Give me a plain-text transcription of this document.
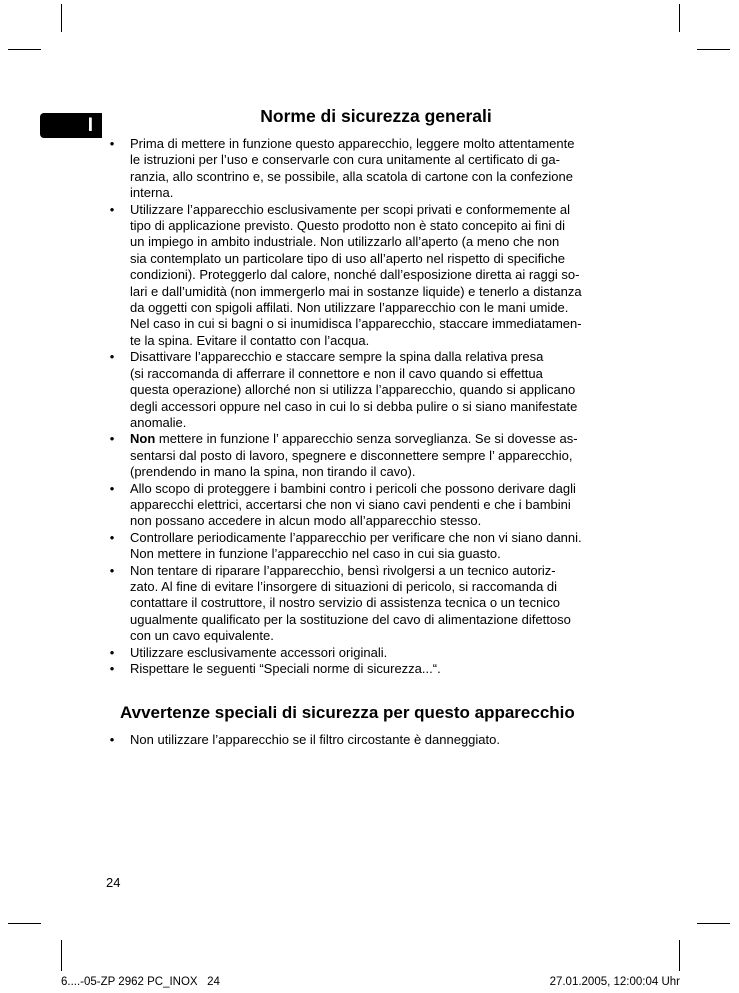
I	Norme di sicurezza generali
• Prima di mettere in funzione questo apparecchio, leggere molto attentamente
le istruzioni per l’uso e conservarle con cura unitamente al certificato di ga-
ranzia, allo scontrino e, se possibile, alla scatola di cartone con la confezione
interna.
• Utilizzare l’apparecchio esclusivamente per scopi privati e conformemente al
tipo di applicazione previsto. Questo prodotto non è stato concepito ai fini di
un impiego in ambito industriale. Non utilizzarlo all’aperto (a meno che non
sia contemplato un particolare tipo di uso all’aperto nel rispetto di specifiche
condizioni). Proteggerlo dal calore, nonché dall’esposizione diretta ai raggi so-
lari e dall’umidità (non immergerlo mai in sostanze liquide) e tenerlo a distanza
da oggetti con spigoli affilati. Non utilizzare l’apparecchio con le mani umide.
Nel caso in cui si bagni o si inumidisca l’apparecchio, staccare immediatamen-
te la spina. Evitare il contatto con l’acqua.
• Disattivare l’apparecchio e staccare sempre la spina dalla relativa presa
(si raccomanda di afferrare il connettore e non il cavo quando si effettua
questa operazione) allorché non si utilizza l’apparecchio, quando si applicano
degli accessori oppure nel caso in cui lo si debba pulire o si siano manifestate
anomalie.
• Non mettere in funzione l’ apparecchio senza sorveglianza. Se si dovesse as-
sentarsi dal posto di lavoro, spegnere e disconnettere sempre l’ apparecchio,
(prendendo in mano la spina, non tirando il cavo).
• Allo scopo di proteggere i bambini contro i pericoli che possono derivare dagli
apparecchi elettrici, accertarsi che non vi siano cavi pendenti e che i bambini
non possano accedere in alcun modo all’apparecchio stesso.
• Controllare periodicamente l’apparecchio per verificare che non vi siano danni.
Non mettere in funzione l’apparecchio nel caso in cui sia guasto.
• Non tentare di riparare l’apparecchio, bensì rivolgersi a un tecnico autoriz-
zato. Al fine di evitare l’insorgere di situazioni di pericolo, si raccomanda di
contattare il costruttore, il nostro servizio di assistenza tecnica o un tecnico
ugualmente qualificato per la sostituzione del cavo di alimentazione difettoso
con un cavo equivalente.
• Utilizzare esclusivamente accessori originali.
• Rispettare le seguenti “Speciali norme di sicurezza...“.
Avvertenze speciali di sicurezza per questo apparecchio
• Non utilizzare l’apparecchio se il filtro circostante è danneggiato.
24
6....-05-ZP 2962 PC_INOX   24	27.01.2005, 12:00:04 Uhr
